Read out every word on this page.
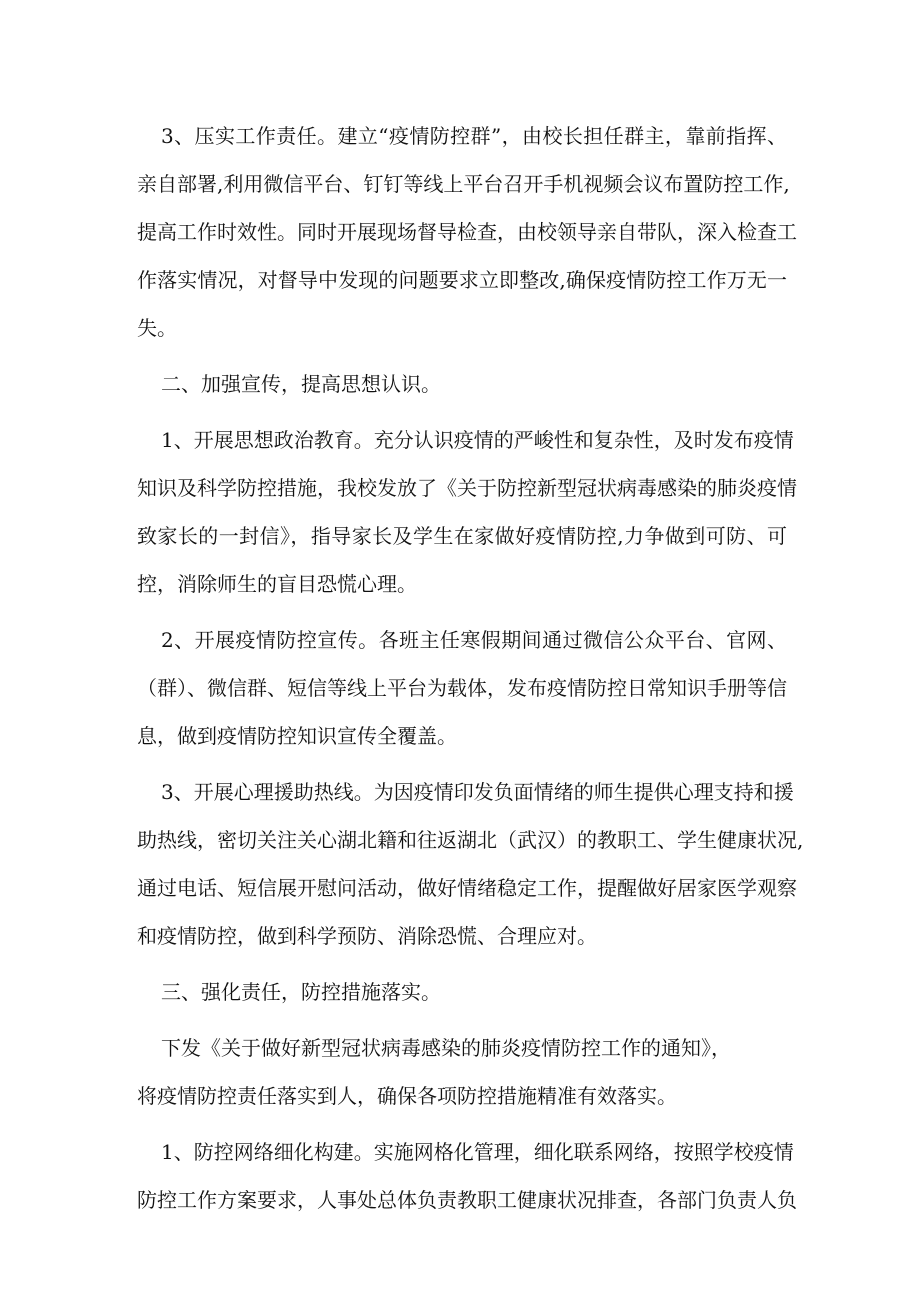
3、压实工作责任。建立“疫情防控群”，由校长担任群主，靠前指挥、
亲自部署,利用微信平台、钉钉等线上平台召开手机视频会议布置防控工作,
提高工作时效性。同时开展现场督导检查，由校领导亲自带队，深入检查工
作落实情况，对督导中发现的问题要求立即整改,确保疫情防控工作万无一
失。
二、加强宣传，提高思想认识。
1、开展思想政治教育。充分认识疫情的严峻性和复杂性，及时发布疫情
知识及科学防控措施，我校发放了《关于防控新型冠状病毒感染的肺炎疫情
致家长的一封信》，指导家长及学生在家做好疫情防控,力争做到可防、可
控，消除师生的盲目恐慌心理。
2、开展疫情防控宣传。各班主任寒假期间通过微信公众平台、官网、
（群）、微信群、短信等线上平台为载体，发布疫情防控日常知识手册等信
息，做到疫情防控知识宣传全覆盖。
3、开展心理援助热线。为因疫情印发负面情绪的师生提供心理支持和援
助热线，密切关注关心湖北籍和往返湖北（武汉）的教职工、学生健康状况,
通过电话、短信展开慰问活动，做好情绪稳定工作，提醒做好居家医学观察
和疫情防控，做到科学预防、消除恐慌、合理应对。
三、强化责任，防控措施落实。
下发《关于做好新型冠状病毒感染的肺炎疫情防控工作的通知》，
将疫情防控责任落实到人，确保各项防控措施精准有效落实。
1、防控网络细化构建。实施网格化管理，细化联系网络，按照学校疫情
防控工作方案要求，人事处总体负责教职工健康状况排查，各部门负责人负
